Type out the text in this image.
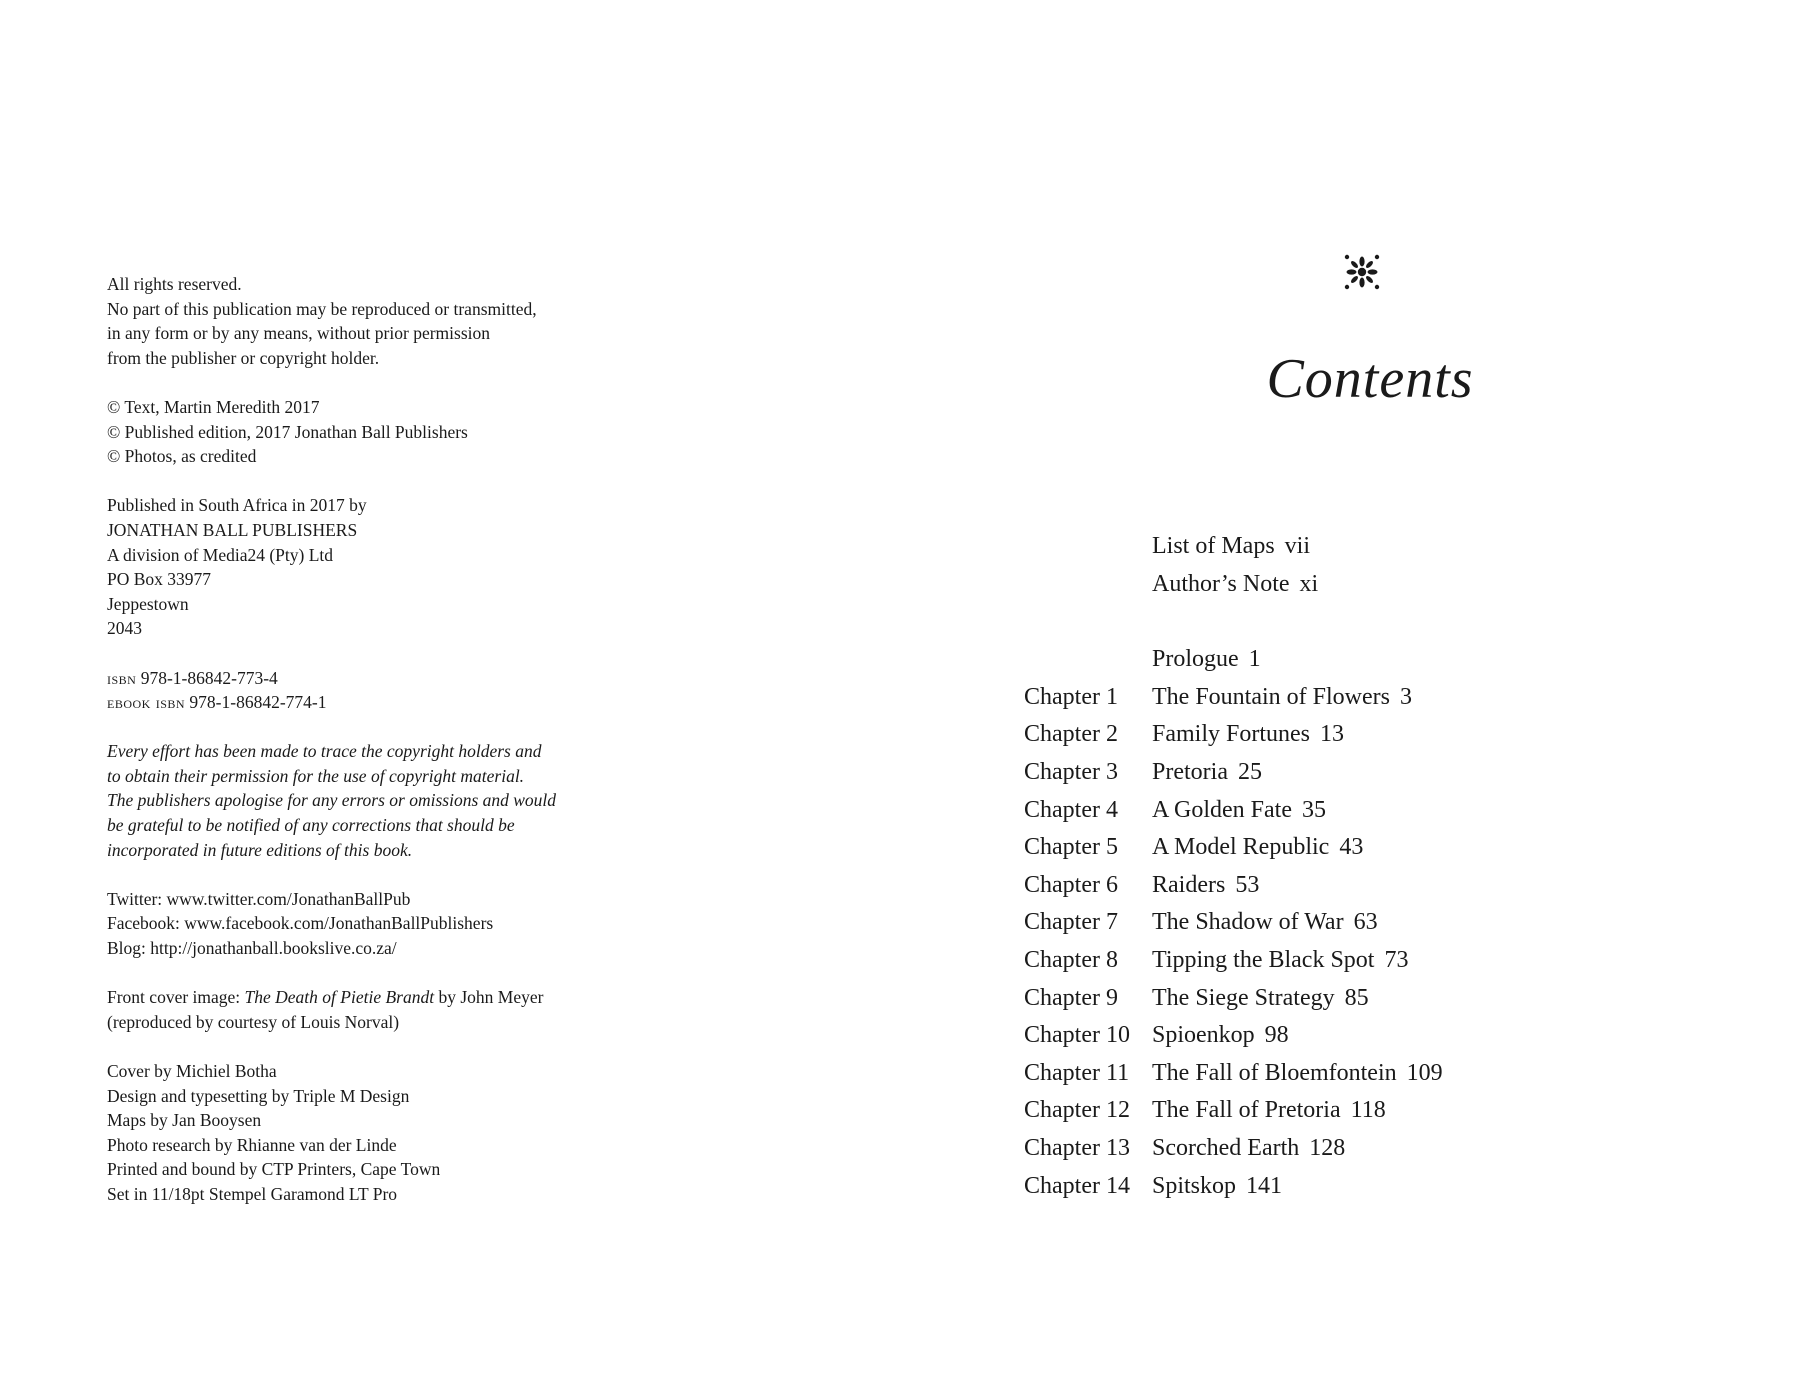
All rights reserved.
No part of this publication may be reproduced or transmitted,
in any form or by any means, without prior permission
from the publisher or copyright holder.

© Text, Martin Meredith 2017
© Published edition, 2017 Jonathan Ball Publishers
© Photos, as credited

Published in South Africa in 2017 by
JONATHAN BALL PUBLISHERS
A division of Media24 (Pty) Ltd
PO Box 33977
Jeppestown
2043

isbn 978-1-86842-773-4
ebook isbn 978-1-86842-774-1

Every effort has been made to trace the copyright holders and
to obtain their permission for the use of copyright material.
The publishers apologise for any errors or omissions and would
be grateful to be notified of any corrections that should be
incorporated in future editions of this book.

Twitter: www.twitter.com/JonathanBallPub
Facebook: www.facebook.com/JonathanBallPublishers
Blog: http://jonathanball.bookslive.co.za/

Front cover image: The Death of Pietie Brandt by John Meyer
(reproduced by courtesy of Louis Norval)

Cover by Michiel Botha
Design and typesetting by Triple M Design
Maps by Jan Booysen
Photo research by Rhianne van der Linde
Printed and bound by CTP Printers, Cape Town
Set in 11/18pt Stempel Garamond LT Pro

Contents
List of Maps vii
Author’s Note xi
Prologue 1
Chapter 1 The Fountain of Flowers 3
Chapter 2 Family Fortunes 13
Chapter 3 Pretoria 25
Chapter 4 A Golden Fate 35
Chapter 5 A Model Republic 43
Chapter 6 Raiders 53
Chapter 7 The Shadow of War 63
Chapter 8 Tipping the Black Spot 73
Chapter 9 The Siege Strategy 85
Chapter 10 Spioenkop 98
Chapter 11 The Fall of Bloemfontein 109
Chapter 12 The Fall of Pretoria 118
Chapter 13 Scorched Earth 128
Chapter 14 Spitskop 141
